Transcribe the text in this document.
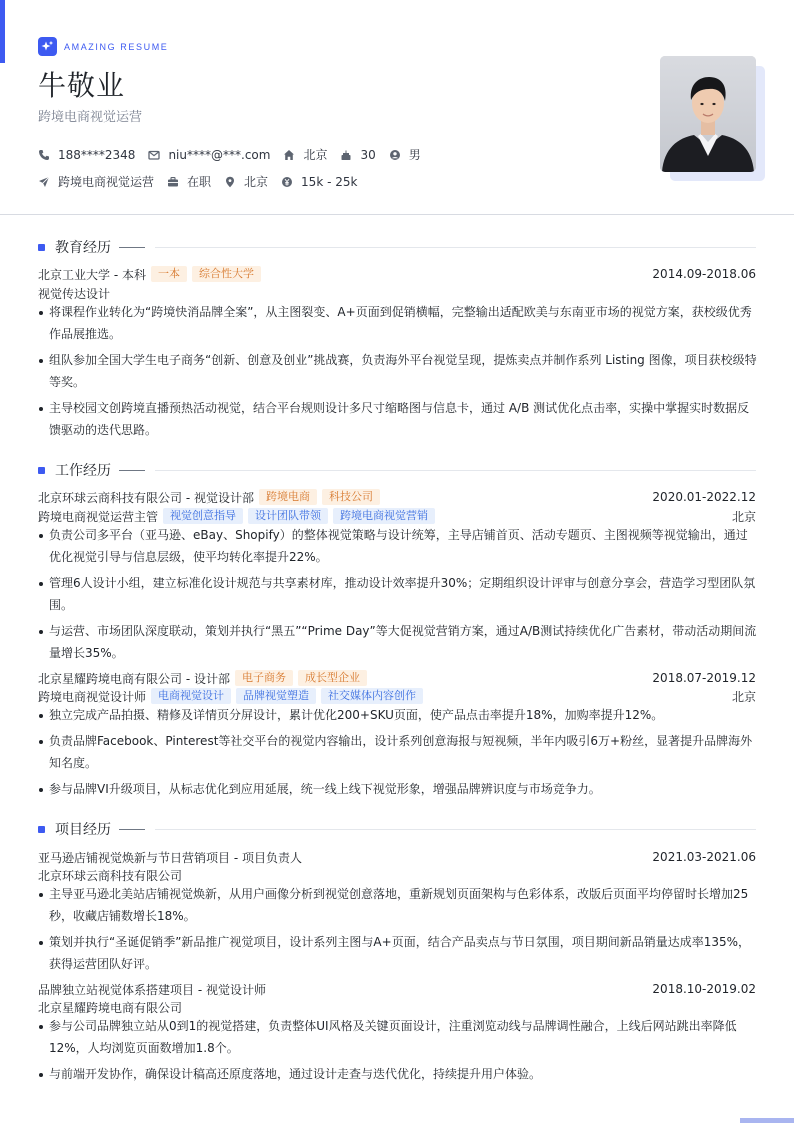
AMAZING RESUME
牛敬业
跨境电商视觉运营
188****2348	niu****@***.com	北京	30	男
跨境电商视觉运营	在职	北京	15k - 25k
教育经历
北京工业大学 - 本科	一本	综合性大学	2014.09-2018.06
视觉传达设计
将课程作业转化为“跨境快消品牌全案”，从主图裂变、A+页面到促销横幅，完整输出适配欧美与东南亚市场的视觉方案，获校级优秀作品展推选。
组队参加全国大学生电子商务“创新、创意及创业”挑战赛，负责海外平台视觉呈现，提炼卖点并制作系列 Listing 图像，项目获校级特等奖。
主导校园文创跨境直播预热活动视觉，结合平台规则设计多尺寸缩略图与信息卡，通过 A/B 测试优化点击率，实操中掌握实时数据反馈驱动的迭代思路。
工作经历
北京环球云商科技有限公司 - 视觉设计部	跨境电商	科技公司	2020.01-2022.12
跨境电商视觉运营主管	视觉创意指导	设计团队带领	跨境电商视觉营销	北京
负责公司多平台（亚马逊、eBay、Shopify）的整体视觉策略与设计统筹，主导店铺首页、活动专题页、主图视频等视觉输出，通过优化视觉引导与信息层级，使平均转化率提升22%。
管理6人设计小组，建立标准化设计规范与共享素材库，推动设计效率提升30%；定期组织设计评审与创意分享会，营造学习型团队氛围。
与运营、市场团队深度联动，策划并执行“黑五”“Prime Day”等大促视觉营销方案，通过A/B测试持续优化广告素材，带动活动期间流量增长35%。
北京星耀跨境电商有限公司 - 设计部	电子商务	成长型企业	2018.07-2019.12
跨境电商视觉设计师	电商视觉设计	品牌视觉塑造	社交媒体内容创作	北京
独立完成产品拍摄、精修及详情页分屏设计，累计优化200+SKU页面，使产品点击率提升18%，加购率提升12%。
负责品牌Facebook、Pinterest等社交平台的视觉内容输出，设计系列创意海报与短视频，半年内吸引6万+粉丝，显著提升品牌海外知名度。
参与品牌VI升级项目，从标志优化到应用延展，统一线上线下视觉形象，增强品牌辨识度与市场竞争力。
项目经历
亚马逊店铺视觉焕新与节日营销项目 - 项目负责人	2021.03-2021.06
北京环球云商科技有限公司
主导亚马逊北美站店铺视觉焕新，从用户画像分析到视觉创意落地，重新规划页面架构与色彩体系，改版后页面平均停留时长增加25秒，收藏店铺数增长18%。
策划并执行“圣诞促销季”新品推广视觉项目，设计系列主图与A+页面，结合产品卖点与节日氛围，项目期间新品销量达成率135%，获得运营团队好评。
品牌独立站视觉体系搭建项目 - 视觉设计师	2018.10-2019.02
北京星耀跨境电商有限公司
参与公司品牌独立站从0到1的视觉搭建，负责整体UI风格及关键页面设计，注重浏览动线与品牌调性融合，上线后网站跳出率降低12%，人均浏览页面数增加1.8个。
与前端开发协作，确保设计稿高还原度落地，通过设计走查与迭代优化，持续提升用户体验。
